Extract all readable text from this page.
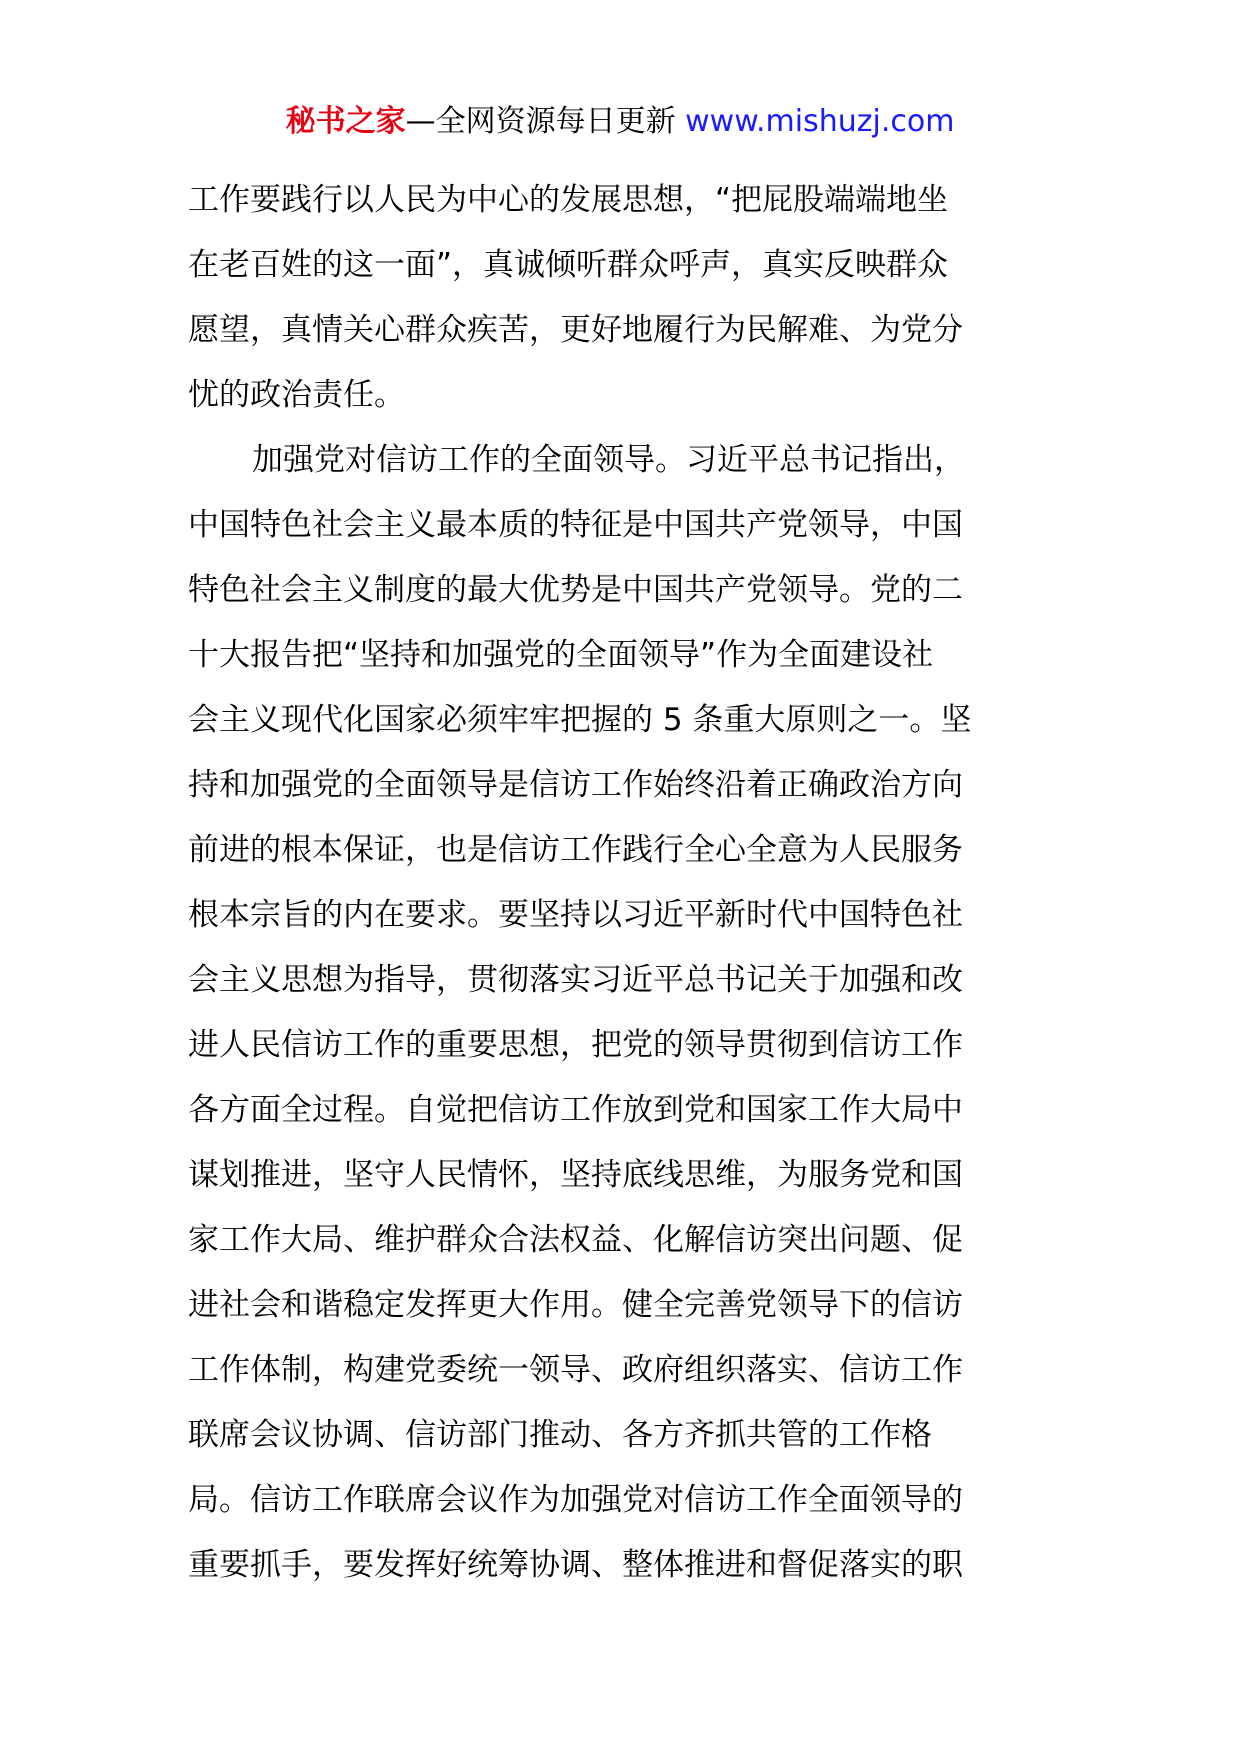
秘书之家—全网资源每日更新 www.mishuzj.com
工作要践行以人民为中心的发展思想，“把屁股端端地坐
在老百姓的这一面”，真诚倾听群众呼声，真实反映群众
愿望，真情关心群众疾苦，更好地履行为民解难、为党分
忧的政治责任。
加强党对信访工作的全面领导。习近平总书记指出，
中国特色社会主义最本质的特征是中国共产党领导，中国
特色社会主义制度的最大优势是中国共产党领导。党的二
十大报告把“坚持和加强党的全面领导”作为全面建设社
会主义现代化国家必须牢牢把握的 5 条重大原则之一。坚
持和加强党的全面领导是信访工作始终沿着正确政治方向
前进的根本保证，也是信访工作践行全心全意为人民服务
根本宗旨的内在要求。要坚持以习近平新时代中国特色社
会主义思想为指导，贯彻落实习近平总书记关于加强和改
进人民信访工作的重要思想，把党的领导贯彻到信访工作
各方面全过程。自觉把信访工作放到党和国家工作大局中
谋划推进，坚守人民情怀，坚持底线思维，为服务党和国
家工作大局、维护群众合法权益、化解信访突出问题、促
进社会和谐稳定发挥更大作用。健全完善党领导下的信访
工作体制，构建党委统一领导、政府组织落实、信访工作
联席会议协调、信访部门推动、各方齐抓共管的工作格
局。信访工作联席会议作为加强党对信访工作全面领导的
重要抓手，要发挥好统筹协调、整体推进和督促落实的职
